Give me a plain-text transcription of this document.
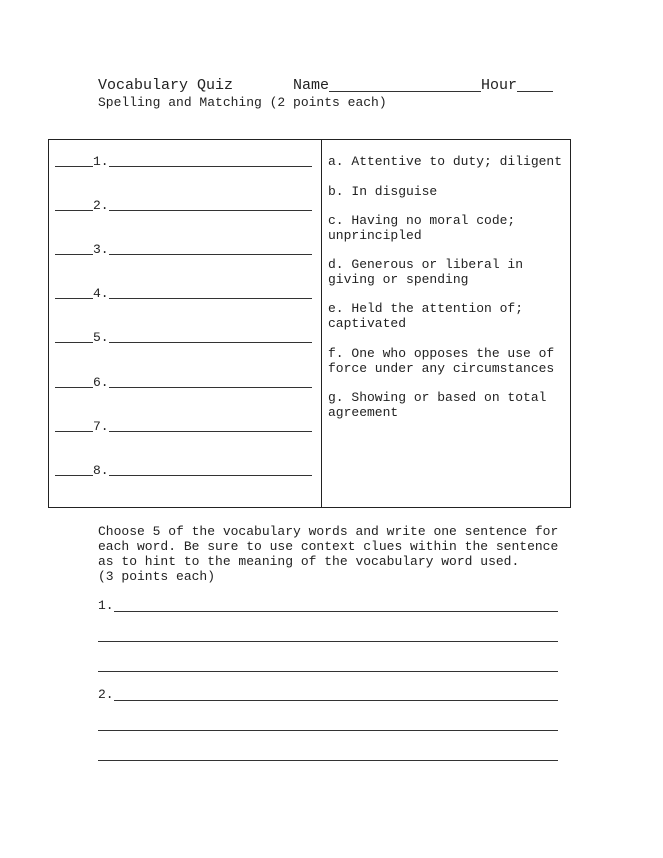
Vocabulary Quiz	Name	Hour
Spelling and Matching (2 points each)
1.
2.
3.
4.
5.
6.
7.
8.
a. Attentive to duty; diligent
b. In disguise
c. Having no moral code; unprincipled
d. Generous or liberal in giving or spending
e. Held the attention of; captivated
f. One who opposes the use of force under any circumstances
g. Showing or based on total agreement
Choose 5 of the vocabulary words and write one sentence for each word. Be sure to use context clues within the sentence as to hint to the meaning of the vocabulary word used.
(3 points each)
1.
2.
